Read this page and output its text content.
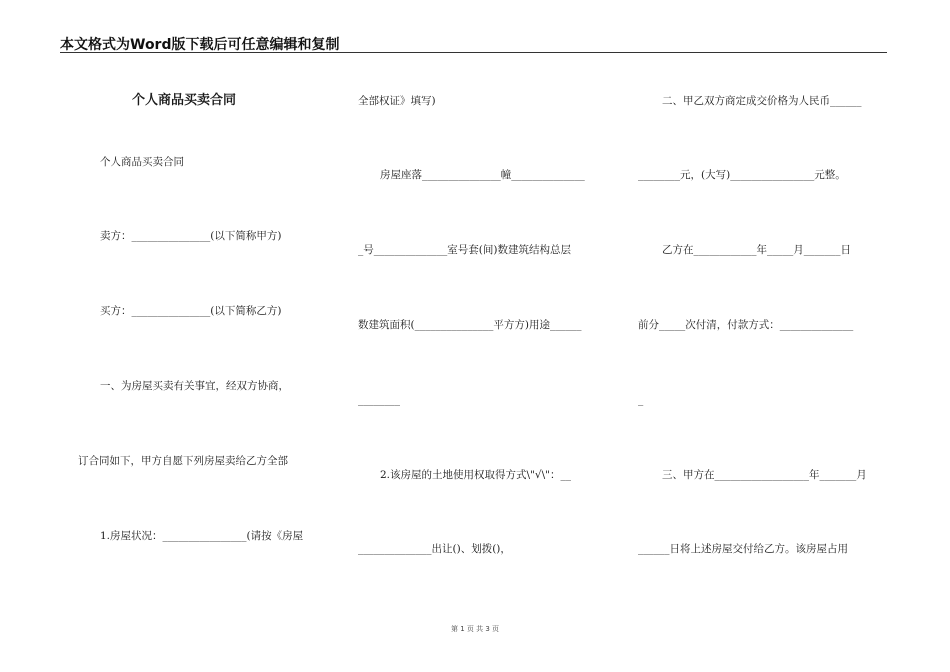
本文格式为Word版下载后可任意编辑和复制
个人商品买卖合同
个人商品买卖合同
卖方：_______________(以下简称甲方)
买方：_______________(以下简称乙方)
一、为房屋买卖有关事宜，经双方协商，
订合同如下，甲方自愿下列房屋卖给乙方全部
1.房屋状况：________________(请按《房屋
全部权证》填写)
房屋座落_______________幢______________
_号______________室号套(间)数建筑结构总层
数建筑面积(_______________平方方)用途______
________
2.该房屋的土地使用权取得方式\"√\"：__
______________出让()、划拨()，
二、甲乙双方商定成交价格为人民币______
________元，(大写)________________元整。
乙方在____________年_____月_______日
前分_____次付清，付款方式：______________
_
三、甲方在__________________年_______月
______日将上述房屋交付给乙方。该房屋占用
第 1 页 共 3 页
